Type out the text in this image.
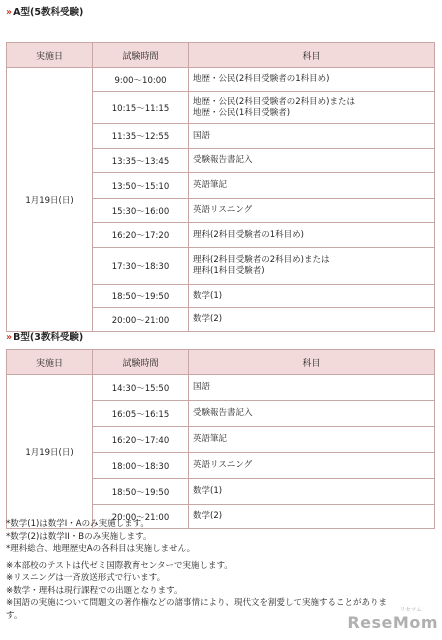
» A型(5教科受験)
実施日	試験時間	科目
1月19日(日)	9:00～10:00	地歴・公民(2科目受験者の1科目め)
	10:15～11:15	地歴・公民(2科目受験者の2科目め)または
地歴・公民(1科目受験者)
	11:35～12:55	国語
	13:35～13:45	受験報告書記入
	13:50～15:10	英語筆記
	15:30～16:00	英語リスニング
	16:20～17:20	理科(2科目受験者の1科目め)
	17:30～18:30	理科(2科目受験者の2科目め)または
理科(1科目受験者)
	18:50～19:50	数学(1)
	20:00～21:00	数学(2)
» B型(3教科受験)
実施日	試験時間	科目
1月19日(日)	14:30～15:50	国語
	16:05～16:15	受験報告書記入
	16:20～17:40	英語筆記
	18:00～18:30	英語リスニング
	18:50～19:50	数学(1)
	20:00～21:00	数学(2)
*数学(1)は数学I・Aのみ実施します。
*数学(2)は数学II・Bのみ実施します。
*理科総合、地理歴史Aの各科目は実施しません。
※本部校のテストは代ゼミ国際教育センターで実施します。
※リスニングは一斉放送形式で行います。
※数学・理科は現行課程での出題となります。
※国語の実施について問題文の著作権などの諸事情により、現代文を割愛して実施することがありま
す。
リセマム
ReseMom
